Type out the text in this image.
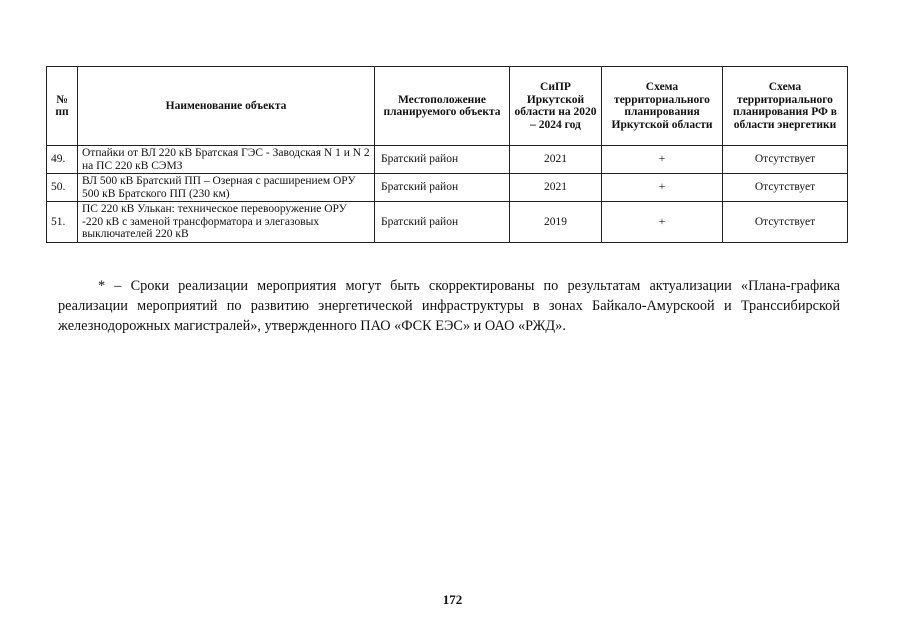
№ пп	Наименование объекта	Местоположение планируемого объекта	СиПР Иркутской области на 2020 – 2024 год	Схема территориального планирования Иркутской области	Схема территориального планирования РФ в области энергетики
49.	Отпайки от ВЛ 220 кВ Братская ГЭС - Заводская N 1 и N 2 на ПС 220 кВ СЭМЗ	Братский район	2021	+	Отсутствует
50.	ВЛ 500 кВ Братский ПП – Озерная с расширением ОРУ 500 кВ Братского ПП (230 км)	Братский район	2021	+	Отсутствует
51.	ПС 220 кВ Улькан: техническое перевооружение ОРУ -220 кВ с заменой трансформатора и элегазовых выключателей 220 кВ	Братский район	2019	+	Отсутствует

* – Сроки реализации мероприятия могут быть скорректированы по результатам актуализации «Плана-графика реализации мероприятий по развитию энергетической инфраструктуры в зонах Байкало-Амурскоой и Транссибирской железнодорожных магистралей», утвержденного ПАО «ФСК ЕЭС» и ОАО «РЖД».

172
